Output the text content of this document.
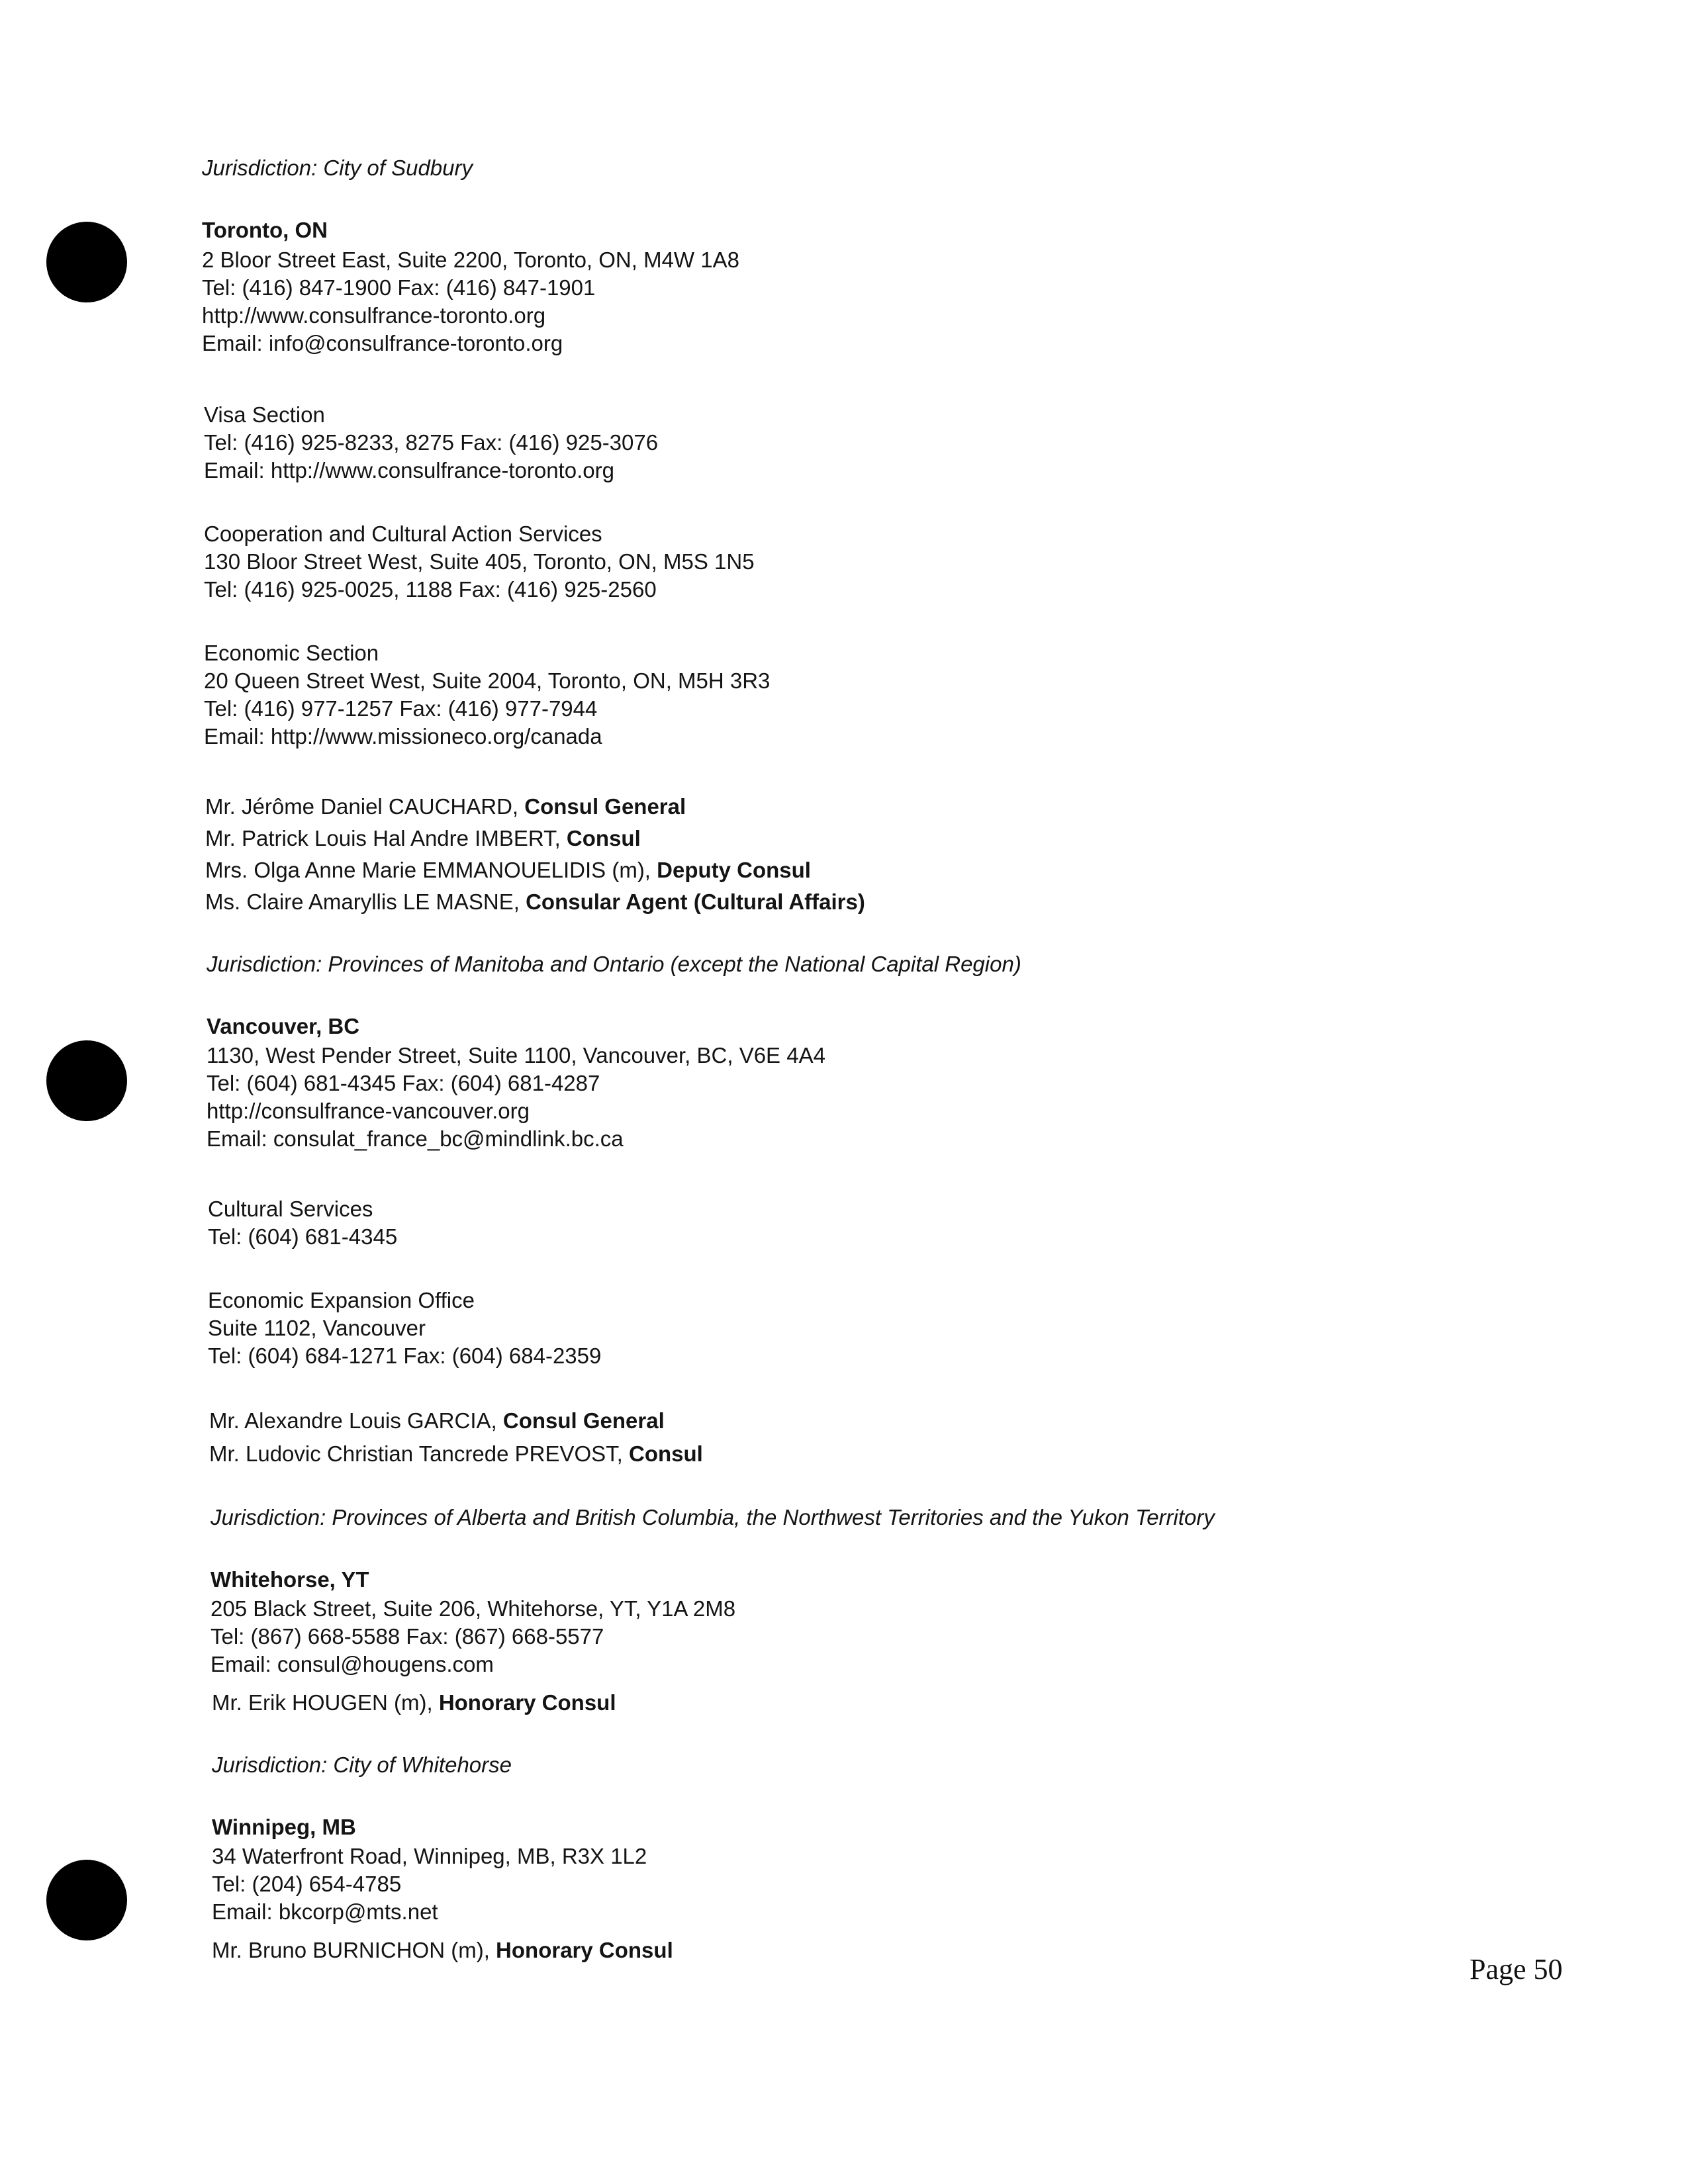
Jurisdiction: City of Sudbury
Toronto, ON
2 Bloor Street East, Suite 2200, Toronto, ON, M4W 1A8
Tel: (416) 847-1900 Fax: (416) 847-1901
http://www.consulfrance-toronto.org
Email: info@consulfrance-toronto.org
Visa Section
Tel: (416) 925-8233, 8275 Fax: (416) 925-3076
Email: http://www.consulfrance-toronto.org
Cooperation and Cultural Action Services
130 Bloor Street West, Suite 405, Toronto, ON, M5S 1N5
Tel: (416) 925-0025, 1188 Fax: (416) 925-2560
Economic Section
20 Queen Street West, Suite 2004, Toronto, ON, M5H 3R3
Tel: (416) 977-1257 Fax: (416) 977-7944
Email: http://www.missioneco.org/canada
Mr. Jérôme Daniel CAUCHARD, Consul General
Mr. Patrick Louis Hal Andre IMBERT, Consul
Mrs. Olga Anne Marie EMMANOUELIDIS (m), Deputy Consul
Ms. Claire Amaryllis LE MASNE, Consular Agent (Cultural Affairs)
Jurisdiction: Provinces of Manitoba and Ontario (except the National Capital Region)
Vancouver, BC
1130, West Pender Street, Suite 1100, Vancouver, BC, V6E 4A4
Tel: (604) 681-4345 Fax: (604) 681-4287
http://consulfrance-vancouver.org
Email: consulat_france_bc@mindlink.bc.ca
Cultural Services
Tel: (604) 681-4345
Economic Expansion Office
Suite 1102, Vancouver
Tel: (604) 684-1271 Fax: (604) 684-2359
Mr. Alexandre Louis GARCIA, Consul General
Mr. Ludovic Christian Tancrede PREVOST, Consul
Jurisdiction: Provinces of Alberta and British Columbia, the Northwest Territories and the Yukon Territory
Whitehorse, YT
205 Black Street, Suite 206, Whitehorse, YT, Y1A 2M8
Tel: (867) 668-5588 Fax: (867) 668-5577
Email: consul@hougens.com
Mr. Erik HOUGEN (m), Honorary Consul
Jurisdiction: City of Whitehorse
Winnipeg, MB
34 Waterfront Road, Winnipeg, MB, R3X 1L2
Tel: (204) 654-4785
Email: bkcorp@mts.net
Mr. Bruno BURNICHON (m), Honorary Consul
Page 50
